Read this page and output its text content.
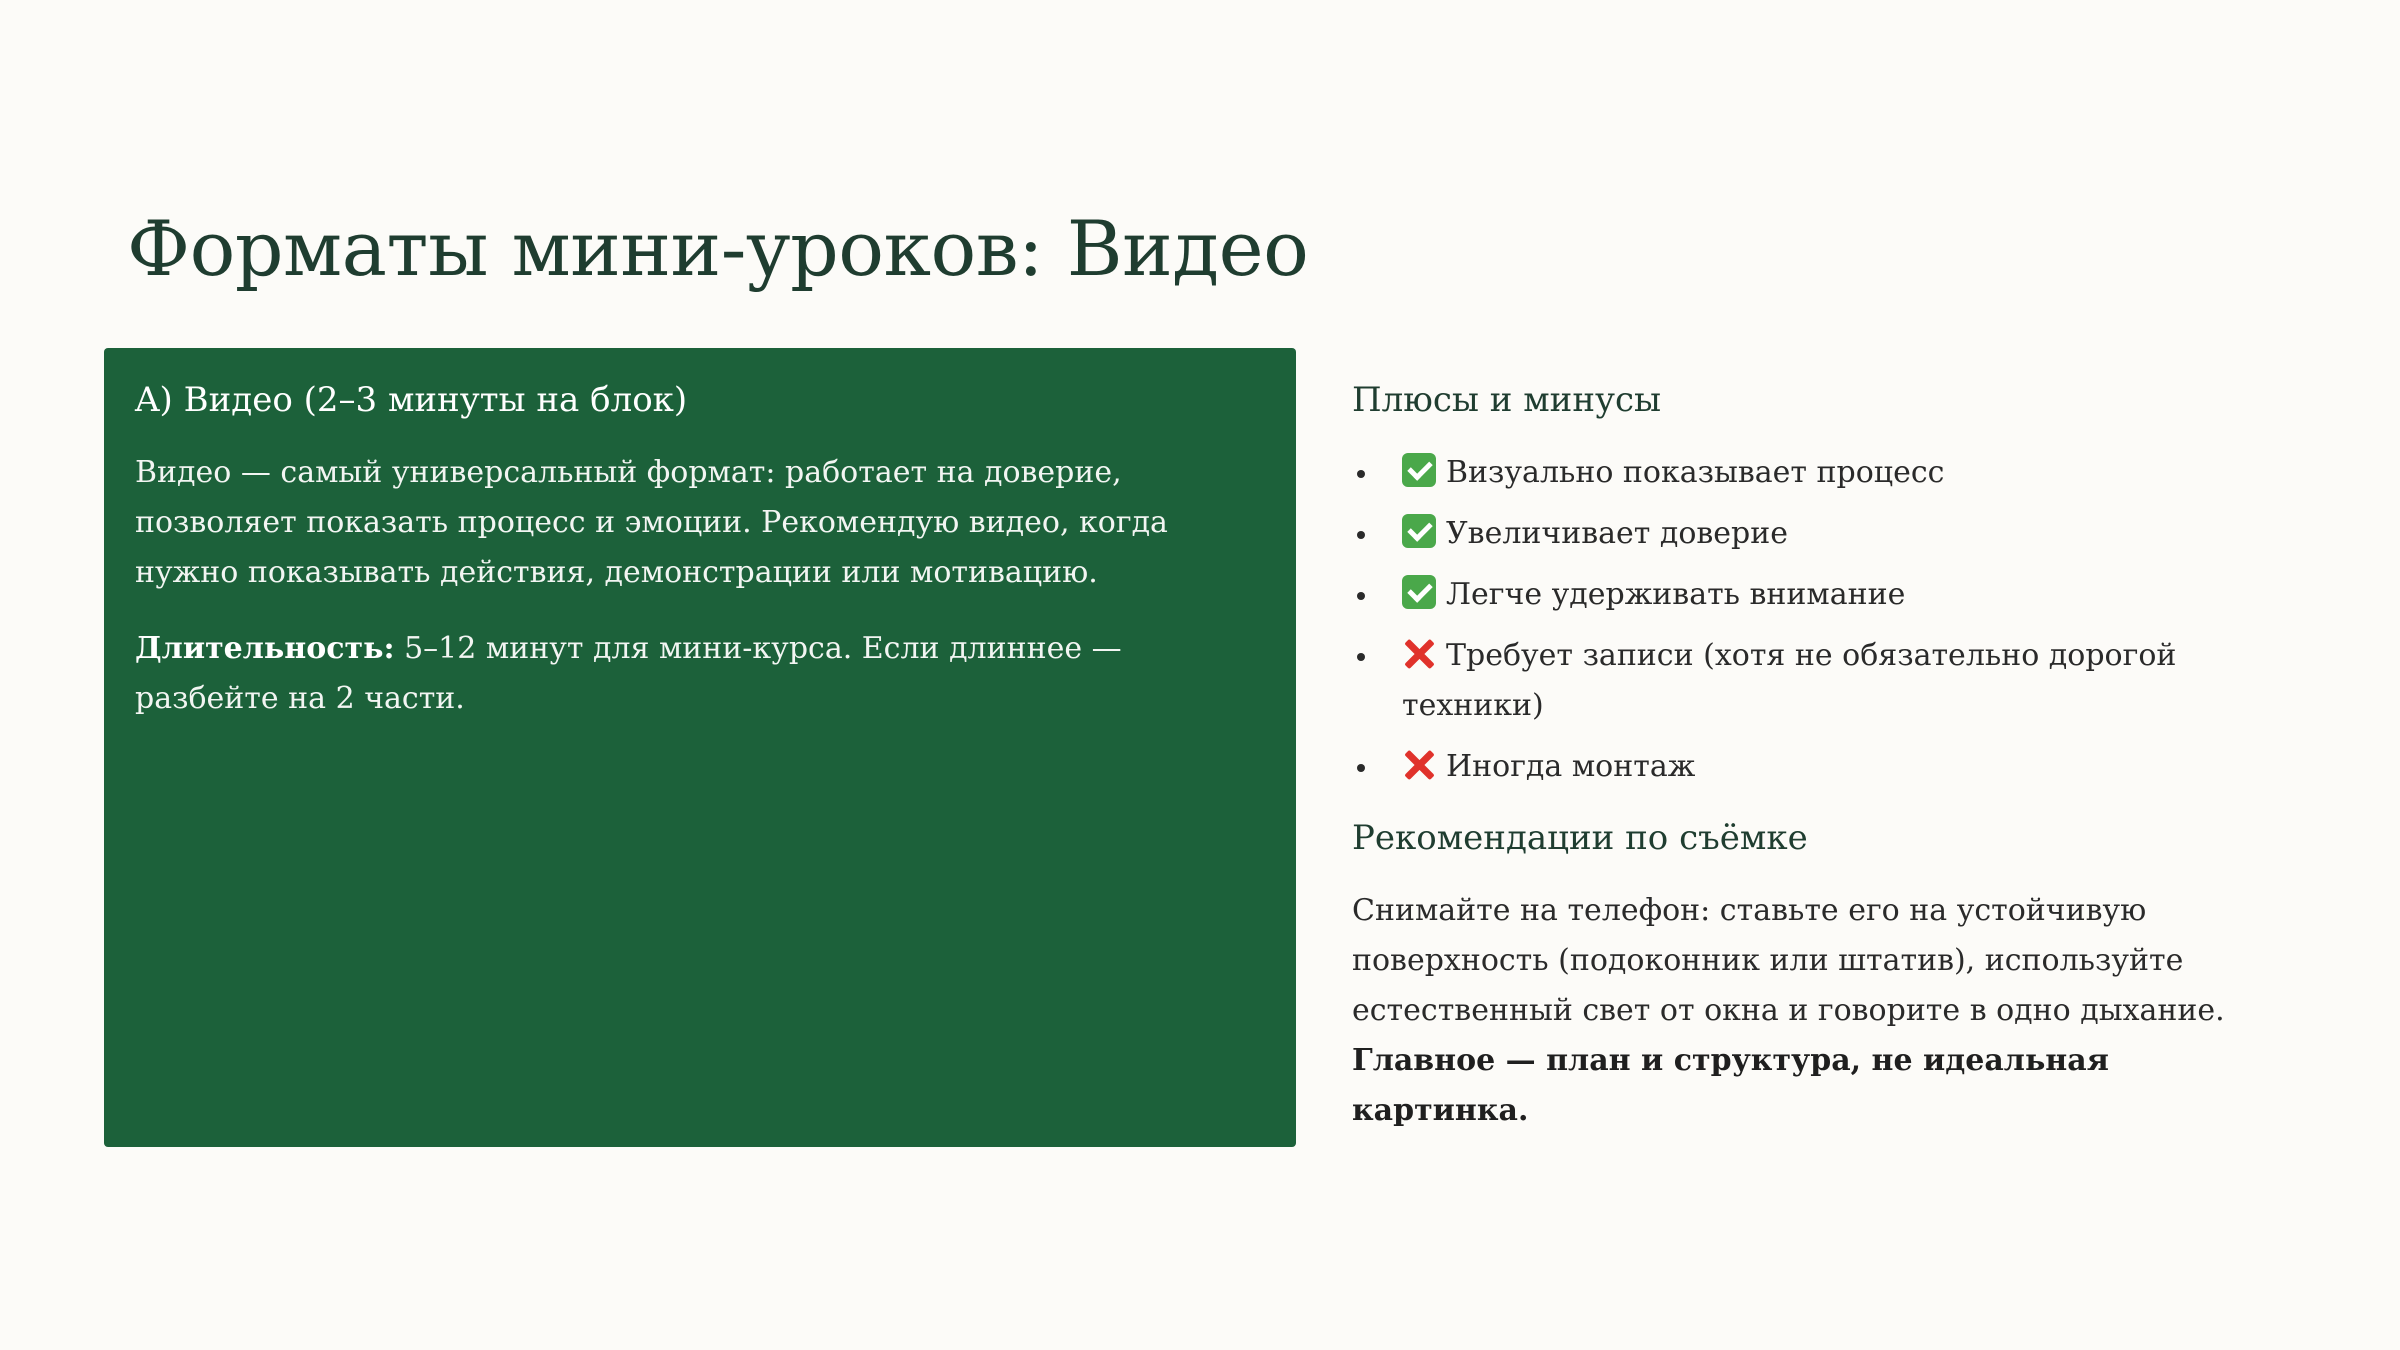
Форматы мини-уроков: Видео
A) Видео (2–3 минуты на блок)

Видео — самый универсальный формат: работает на доверие, позволяет показать процесс и эмоции. Рекомендую видео, когда нужно показывать действия, демонстрации или мотивацию.

Длительность: 5–12 минут для мини-курса. Если длиннее — разбейте на 2 части.

Плюсы и минусы
Визуально показывает процесс
Увеличивает доверие
Легче удерживать внимание
Требует записи (хотя не обязательно дорогой техники)
Иногда монтаж
Рекомендации по съёмке

Снимайте на телефон: ставьте его на устойчивую поверхность (подоконник или штатив), используйте естественный свет от окна и говорите в одно дыхание. Главное — план и структура, не идеальная картинка.
